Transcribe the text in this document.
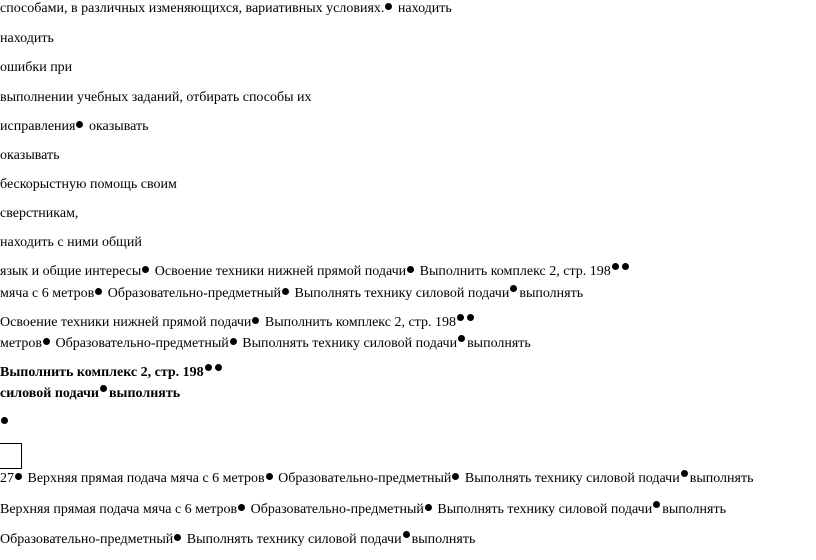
способами, в различных изменяющихся, вариативных условиях. находить
находить
ошибки при
выполнении учебных заданий, отбирать способы их
исправления оказывать
оказывать
бескорыстную помощь своим
сверстникам,
находить с ними общий
язык и общие интересы Освоение техники нижней прямой подачи Выполнить комплекс 2, стр. 198
мяча с 6 метров Образовательно-предметный Выполнять технику силовой подачи выполнять
Освоение техники нижней прямой подачи Выполнить комплекс 2, стр. 198
метров Образовательно-предметный Выполнять технику силовой подачи выполнять
Выполнить комплекс 2, стр. 198
силовой подачи выполнять
27 Верхняя прямая подача мяча с 6 метров Образовательно-предметный Выполнять технику силовой подачи выполнять
Верхняя прямая подача мяча с 6 метров Образовательно-предметный Выполнять технику силовой подачи выполнять
Образовательно-предметный Выполнять технику силовой подачи выполнять
